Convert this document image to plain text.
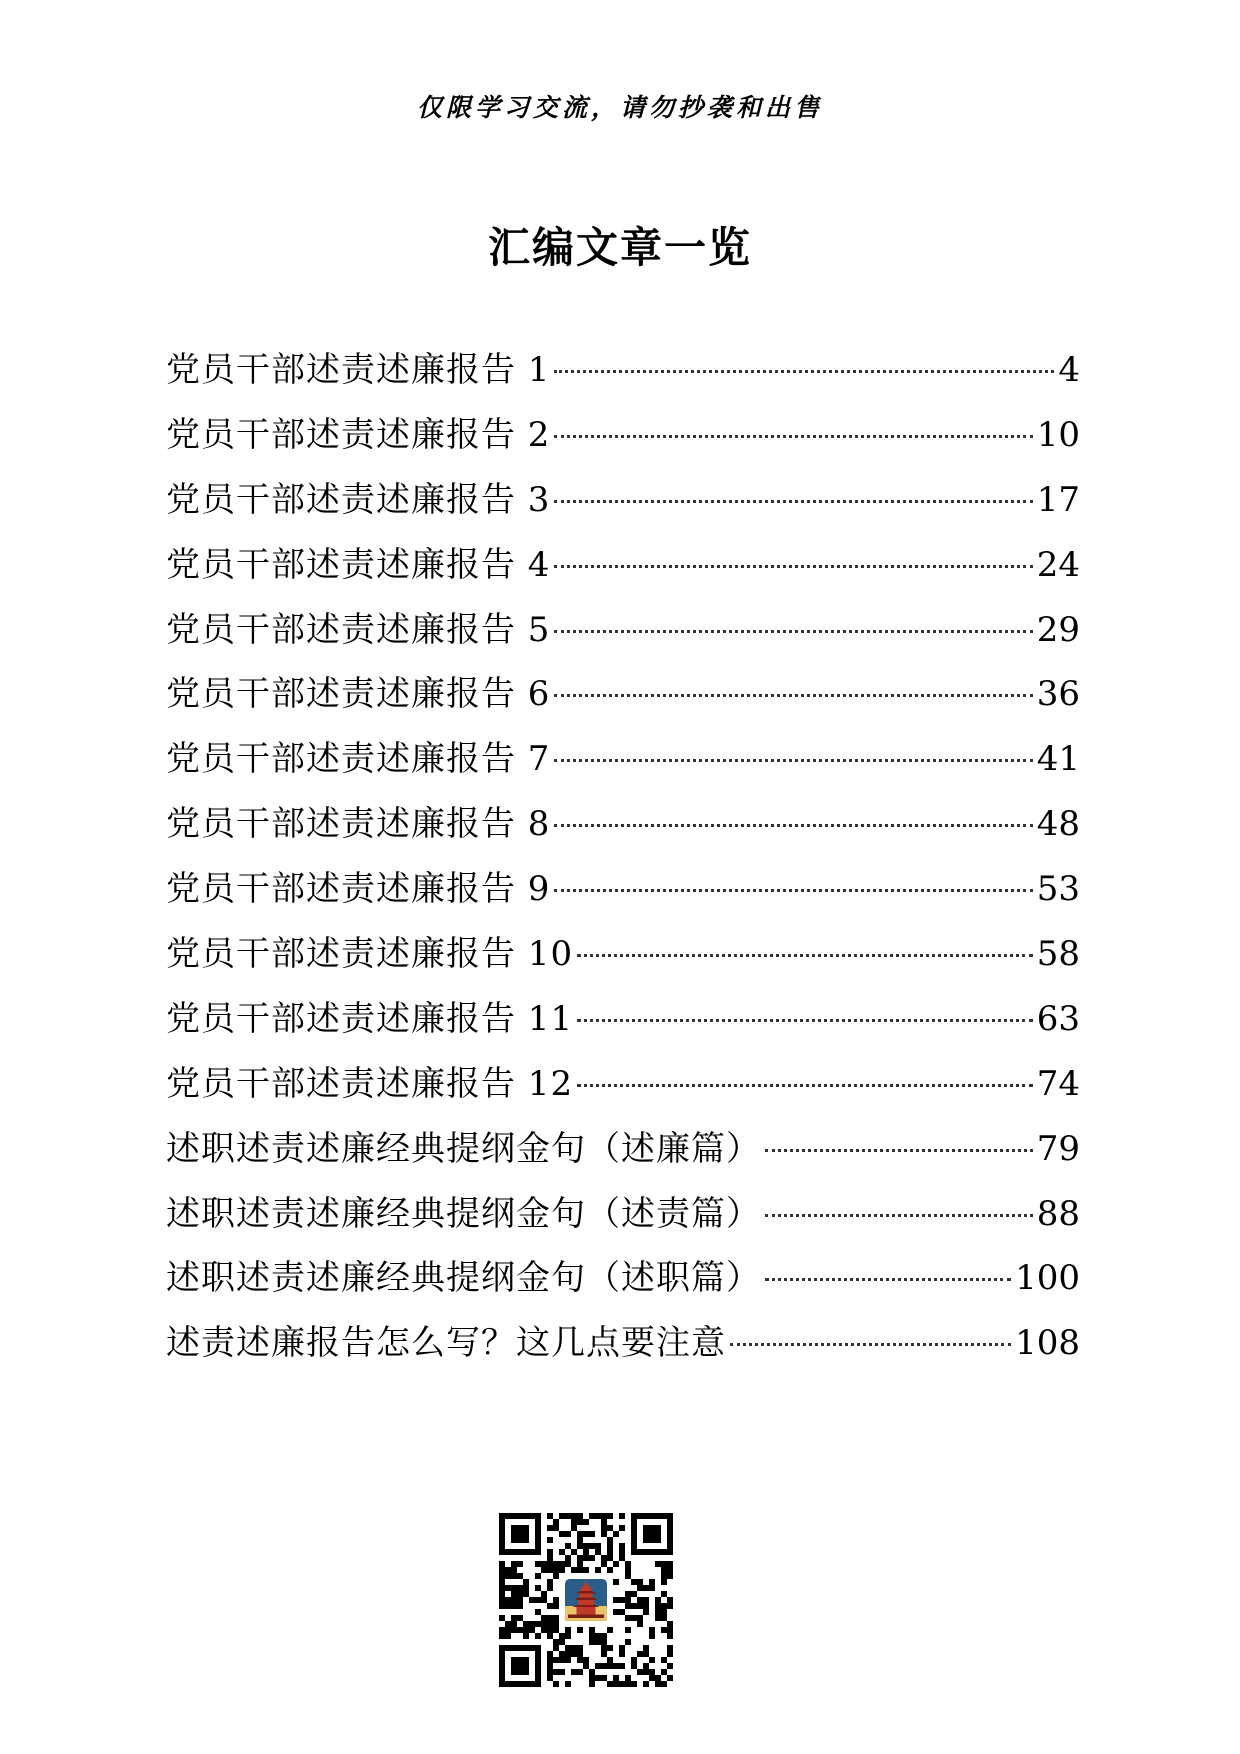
仅限学习交流，请勿抄袭和出售
汇编文章一览
党员干部述责述廉报告 1	4
党员干部述责述廉报告 2	10
党员干部述责述廉报告 3	17
党员干部述责述廉报告 4	24
党员干部述责述廉报告 5	29
党员干部述责述廉报告 6	36
党员干部述责述廉报告 7	41
党员干部述责述廉报告 8	48
党员干部述责述廉报告 9	53
党员干部述责述廉报告 10	58
党员干部述责述廉报告 11	63
党员干部述责述廉报告 12	74
述职述责述廉经典提纲金句（述廉篇）	79
述职述责述廉经典提纲金句（述责篇）	88
述职述责述廉经典提纲金句（述职篇）	100
述责述廉报告怎么写？这几点要注意	108
